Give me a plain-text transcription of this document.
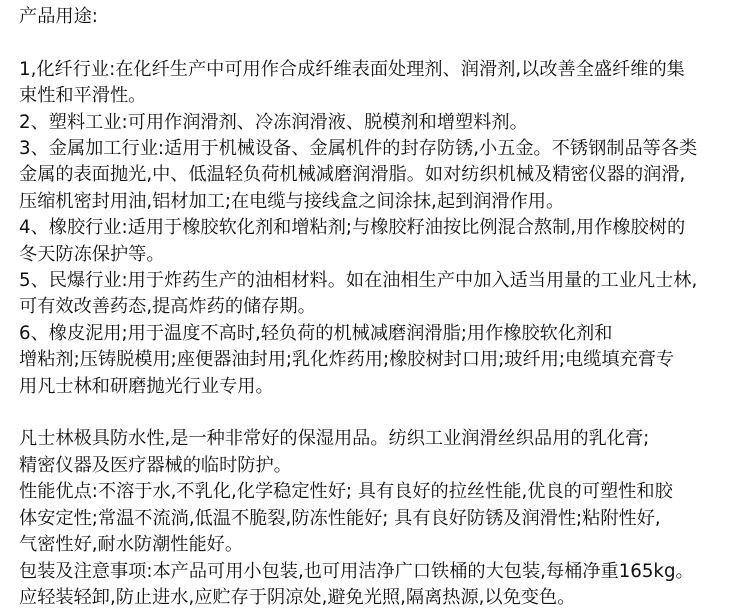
产品用途:
1,化纤行业:在化纤生产中可用作合成纤维表面处理剂、润滑剂,以改善全盛纤维的集
束性和平滑性。
2、塑料工业:可用作润滑剂、冷冻润滑液、脱模剂和增塑料剂。
3、金属加工行业:适用于机械设备、金属机件的封存防锈,小五金。不锈钢制品等各类
金属的表面抛光,中、低温轻负荷机械减磨润滑脂。如对纺织机械及精密仪器的润滑,
压缩机密封用油,铝材加工;在电缆与接线盒之间涂抹,起到润滑作用。
4、橡胶行业:适用于橡胶软化剂和增粘剂;与橡胶籽油按比例混合熬制,用作橡胶树的
冬天防冻保护等。
5、民爆行业:用于炸药生产的油相材料。如在油相生产中加入适当用量的工业凡士林,
可有效改善药态,提高炸药的储存期。
6、橡皮泥用;用于温度不高时,轻负荷的机械减磨润滑脂;用作橡胶软化剂和
增粘剂;压铸脱模用;座便器油封用;乳化炸药用;橡胶树封口用;玻纤用;电缆填充膏专
用凡士林和研磨抛光行业专用。
凡士林极具防水性,是一种非常好的保湿用品。纺织工业润滑丝织品用的乳化膏;
精密仪器及医疗器械的临时防护。
性能优点:不溶于水,不乳化,化学稳定性好; 具有良好的拉丝性能,优良的可塑性和胶
体安定性;常温不流淌,低温不脆裂,防冻性能好; 具有良好防锈及润滑性;粘附性好,
气密性好,耐水防潮性能好。
包装及注意事项:本产品可用小包装,也可用洁净广口铁桶的大包装,每桶净重165kg。
应轻装轻卸,防止进水,应贮存于阴凉处,避免光照,隔离热源,以免变色。
